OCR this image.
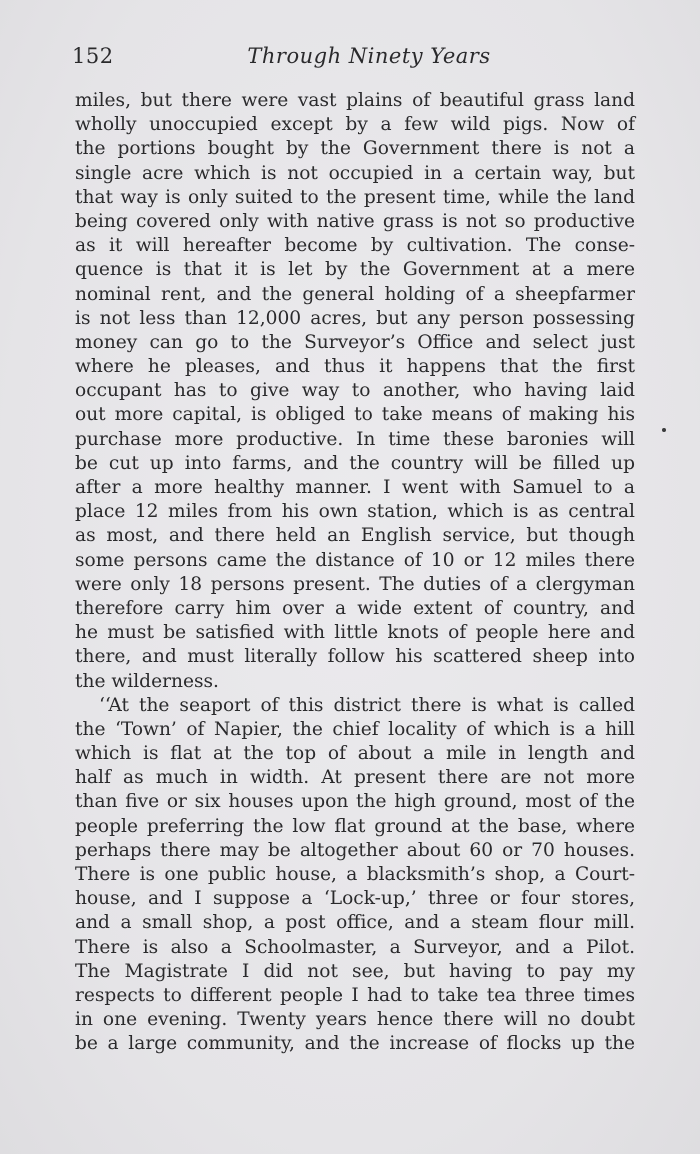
152	Through Ninety Years
miles, but there were vast plains of beautiful grass land
wholly unoccupied except by a few wild pigs. Now of
the portions bought by the Government there is not a
single acre which is not occupied in a certain way, but
that way is only suited to the present time, while the land
being covered only with native grass is not so productive
as it will hereafter become by cultivation. The conse-
quence is that it is let by the Government at a mere
nominal rent, and the general holding of a sheepfarmer
is not less than 12,000 acres, but any person possessing
money can go to the Surveyor’s Office and select just
where he pleases, and thus it happens that the first
occupant has to give way to another, who having laid
out more capital, is obliged to take means of making his
purchase more productive. In time these baronies will
be cut up into farms, and the country will be filled up
after a more healthy manner. I went with Samuel to a
place 12 miles from his own station, which is as central
as most, and there held an English service, but though
some persons came the distance of 10 or 12 miles there
were only 18 persons present. The duties of a clergyman
therefore carry him over a wide extent of country, and
he must be satisfied with little knots of people here and
there, and must literally follow his scattered sheep into
the wilderness.
‘‘At the seaport of this district there is what is called
the ‘Town’ of Napier, the chief locality of which is a hill
which is flat at the top of about a mile in length and
half as much in width. At present there are not more
than five or six houses upon the high ground, most of the
people preferring the low flat ground at the base, where
perhaps there may be altogether about 60 or 70 houses.
There is one public house, a blacksmith’s shop, a Court-
house, and I suppose a ‘Lock-up,’ three or four stores,
and a small shop, a post office, and a steam flour mill.
There is also a Schoolmaster, a Surveyor, and a Pilot.
The Magistrate I did not see, but having to pay my
respects to different people I had to take tea three times
in one evening. Twenty years hence there will no doubt
be a large community, and the increase of flocks up the
